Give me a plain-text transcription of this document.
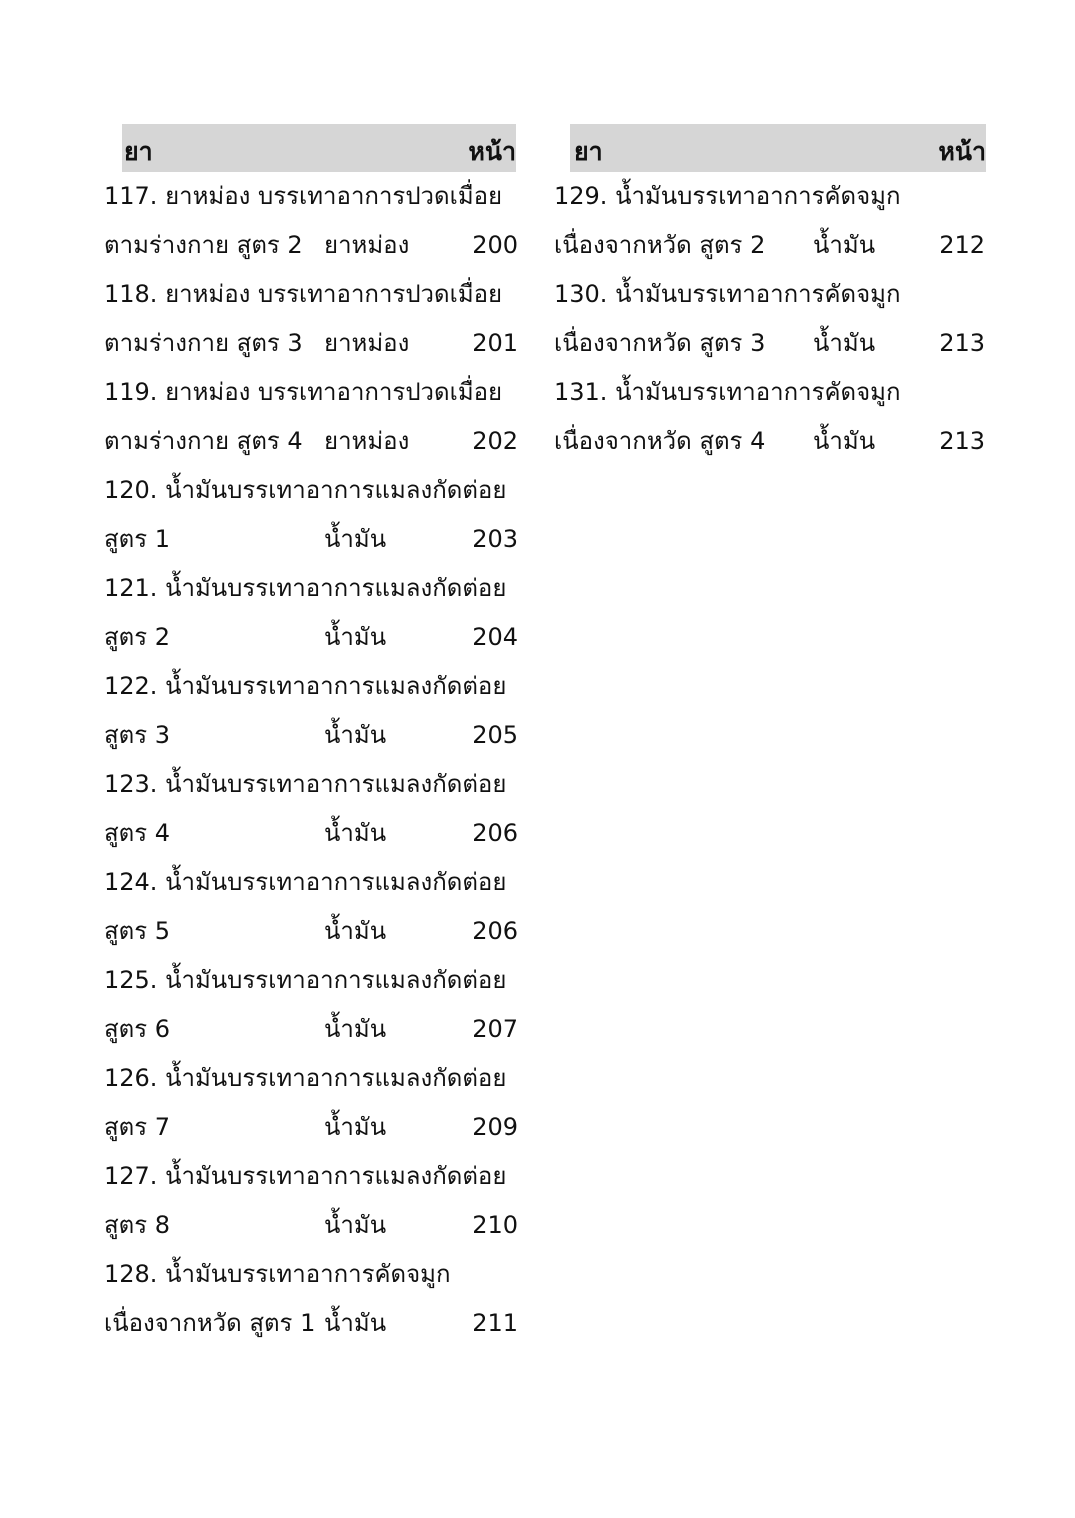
ยา	หน้า ยา	หน้า
117. ยาหม่อง บรรเทาอาการปวดเมื่อย
ตามร่างกาย สูตร 2 ยาหม่อง	200
118. ยาหม่อง บรรเทาอาการปวดเมื่อย
ตามร่างกาย สูตร 3 ยาหม่อง	201
119. ยาหม่อง บรรเทาอาการปวดเมื่อย
ตามร่างกาย สูตร 4 ยาหม่อง	202
120. น้ำมันบรรเทาอาการแมลงกัดต่อย
สูตร 1	น้ำมัน	203
121. น้ำมันบรรเทาอาการแมลงกัดต่อย
สูตร 2	น้ำมัน	204
122. น้ำมันบรรเทาอาการแมลงกัดต่อย
สูตร 3	น้ำมัน	205
123. น้ำมันบรรเทาอาการแมลงกัดต่อย
สูตร 4	น้ำมัน	206
124. น้ำมันบรรเทาอาการแมลงกัดต่อย
สูตร 5	น้ำมัน	206
125. น้ำมันบรรเทาอาการแมลงกัดต่อย
สูตร 6	น้ำมัน	207
126. น้ำมันบรรเทาอาการแมลงกัดต่อย
สูตร 7	น้ำมัน	209
127. น้ำมันบรรเทาอาการแมลงกัดต่อย
สูตร 8	น้ำมัน	210
128. น้ำมันบรรเทาอาการคัดจมูก
เนื่องจากหวัด สูตร 1 น้ำมัน	211
129. น้ำมันบรรเทาอาการคัดจมูก
เนื่องจากหวัด สูตร 2 น้ำมัน	212
130. น้ำมันบรรเทาอาการคัดจมูก
เนื่องจากหวัด สูตร 3 น้ำมัน	213
131. น้ำมันบรรเทาอาการคัดจมูก
เนื่องจากหวัด สูตร 4 น้ำมัน	213
